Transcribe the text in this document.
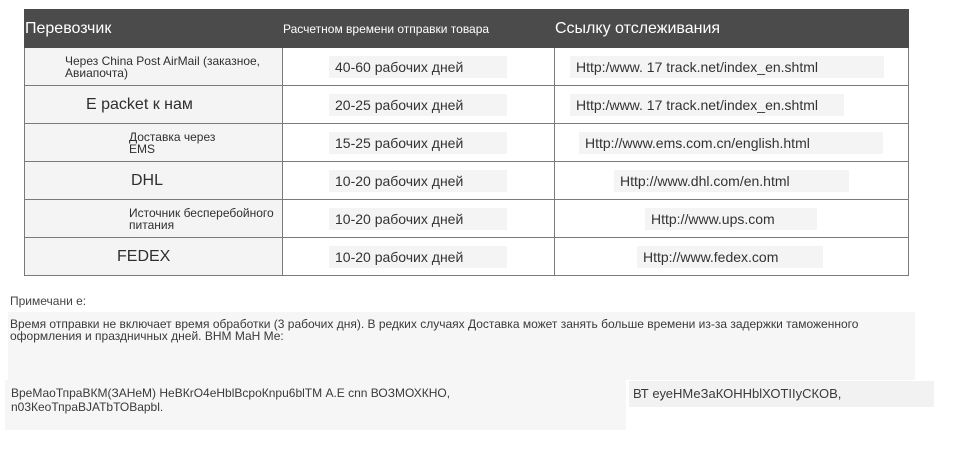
Перевозчик	Расчетном времени отправки товара	Ссылку отслеживания

Через China Post AirMail (заказное, Авиапочта)	40-60 рабочих дней	Http:/www. 17 track.net/index_en.shtml

E packet к нам	20-25 рабочих дней	Http:/www. 17 track.net/index_en.shtml

Доставка через EMS	15-25 рабочих дней	Http://www.ems.com.cn/english.html

DHL	10-20 рабочих дней	Http://www.dhl.com/en.html

Источник бесперебойного питания	10-20 рабочих дней	Http://www.ups.com

FEDEX	10-20 рабочих дней	Http://www.fedex.com
Примечани е:
Время отправки не включает время обработки (3 рабочих дня). В редких случаях Доставка может занять больше времени из-за задержки таможенного оформления и праздничных дней. ВНМ МаН Ме:
ВреМаоТпраВКМ(ЗАНеМ) НеВКrО4еНblВсроКnpu6blТМ А.Е cnn ВОЗМОХКНО, n03КеоТпраВJАТbТОВаpbl.
ВТ еуеНМеЗаКОННblХОТIIуСКОВ,
